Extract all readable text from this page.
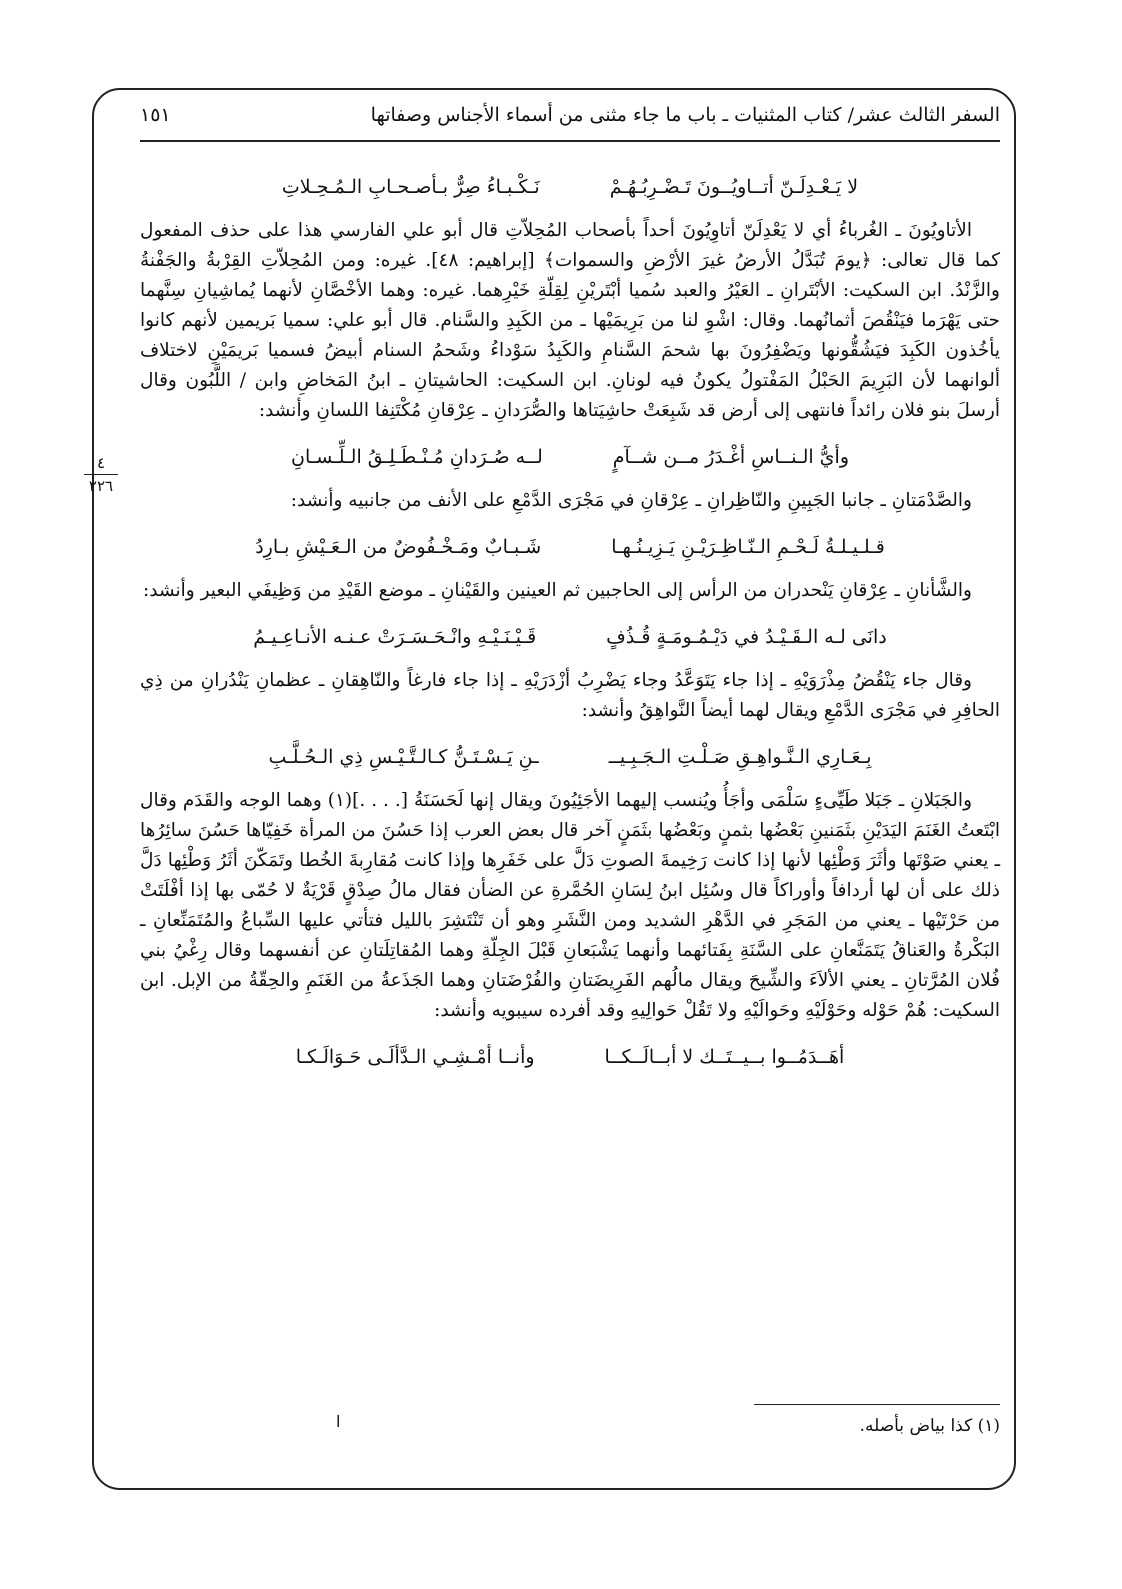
السفر الثالث عشر/ كتاب المثنيات ـ باب ما جاء مثنى من أسماء الأجناس وصفاتها
١٥١
لا يَـعْـدِلَـنّ أتــاويُــونَ تَـضْـرِبُـهُـمْ
نَـكْـبـاءُ صِرٌّ بـأصـحـابِ الـمُـحِـلاتِ

الأتاويُونَ ـ الغُرباءُ أي لا يَعْدِلَنّ أتاوِيُونَ أحداً بأصحاب المُحِلاّتِ قال أبو علي الفارسي هذا على حذف المفعول كما قال تعالى: ﴿يومَ تُبَدَّلُ الأرضُ غيرَ الأرْضِ والسموات﴾ [إبراهيم: ٤٨]. غيره: ومن المُحِلاّتِ القِرْبةُ والجَفْنةُ والزَّنْدُ. ابن السكيت: الأبْتَرانِ ـ العَيْرُ والعبد سُميا أبْتَريْنِ لِقِلّةِ خَيْرِهما. غيره: وهما الأخْصَّانِ لأنهما يُماشِيانِ سِنَّهما حتى يَهْرَما فيَنْقُصَ أثمانُهما. وقال: اشْوِ لنا من بَرِيمَيْها ـ من الكَبِدِ والسَّنام. قال أبو علي: سميا بَريمين لأنهم كانوا يأخُذون الكَبِدَ فيَشُقُّونها ويَضْفِرُونَ بها شحمَ السَّنامِ والكَبِدُ سَوْداءُ وشَحمُ السنام أبيضُ فسميا بَريمَيْنِ لاختلاف ألوانهما لأن البَرِيمَ الحَبْلُ المَفْتولُ يكونُ فيه لونانِ. ابن السكيت: الحاشيتانِ ـ ابنُ المَخاضِ وابن / اللَّبُون وقال أرسلَ بنو فلان رائداً فانتهى إلى أرض قد شَبِعَتْ حاشِيَتاها والصُّرَدانِ ـ عِرْقانِ مُكْتَنِفا اللسانِ وأنشد:

وأيُّ الـنــاسِ أغْـدَرُ مــن شــآمٍ
لــه صُـرَدانِ مُـنْـطَـلِـقُ الـلِّـسـانِ

والصَّدْمَتانِ ـ جانبا الجَبِينِ والنّاظِرانِ ـ عِرْقانِ في مَجْرَى الدَّمْعِ على الأنف من جانبيه وأنشد:

قـلـيـلـةُ لَـحْـمِ الـنّـاظِـرَيْـنِ يَـزِيـنُـهـا
شَـبـابٌ ومَـخْـفُوضٌ من الـعَـيْشِ بـارِدُ

والشَّأنانِ ـ عِرْقانِ يَنْحدران من الرأس إلى الحاجبين ثم العينين والقَيْنانِ ـ موضع القَيْدِ من وَظِيفَي البعير وأنشد:

دانَى لـه الـقَـيْـدُ في دَيْـمُـومَـةٍ قُـذُفٍ
قَـيْـنَـيْـهِ وانْـحَـسَـرَتْ عـنـه الأنـاعِـيـمُ

وقال جاء يَنْقُضُ مِذْرَوَيْهِ ـ إذا جاء يَتَوَعَّدُ وجاء يَضْرِبُ أزْدَرَيْهِ ـ إذا جاء فارغاً والنّاهِقانِ ـ عظمانِ يَنْدُرانِ من ذِي الحافِرِ في مَجْرَى الدَّمْعِ ويقال لهما أيضاً النَّواهِقُ وأنشد:

بِـعَـارِي الـنَّـواهِـقِ صَـلْـتِ الـجَـبِـيــ
ـنِ يَـسْـتَـنُّ كـالـتَّـيْـسِ ذِي الـحُـلَّـبِ

والجَبَلانِ ـ جَبَلا طَيِّىءٍ سَلْمَى وأجَأُ ويُنسب إليهما الأجَئِيُونَ ويقال إنها لَحَسَنَةُ [. . . .](١) وهما الوجه والقَدَم وقال ابْتَعتُ الغَنَمَ اليَدَيْنِ بثَمَنينِ بَعْضُها بثمنٍ وبَعْضُها بثَمَنٍ آخر قال بعض العرب إذا حَسُنَ من المرأة خَفِيّاها حَسُنَ سائِرُها ـ يعني صَوْتَها وأثَرَ وَطْئِها لأنها إذا كانت رَخِيمةَ الصوتِ دَلَّ على خَفَرِها وإذا كانت مُقارِبةَ الخُطا وتَمَكّنَ أثَرُ وَطْئِها دَلَّ ذلك على أن لها أردافاً وأوراكاً قال وسُئِل ابنُ لِسَانِ الحُمَّرةِ عن الضأن فقال مالُ صِدْقٍ قَرْيَةٌ لا حُمّى بها إذا أفْلَتَتْ من حَرْتَيْها ـ يعني من المَجَرِ في الدَّهْرِ الشديد ومن النَّشَرِ وهو أن تَنْتَشِرَ بالليل فتأتي عليها السِّباعُ والمُتَمَنِّعانِ ـ البَكْرةُ والعَناقُ يَتَمَنَّعانِ على السَّنَةِ بِفَتائهما وأنهما يَشْبَعانِ قَبْلَ الجِلّةِ وهما المُقاتِلَتانِ عن أنفسهما وقال رِغْيُ بني فُلان المُرَّتانِ ـ يعني الألاَءَ والشِّيحَ ويقال مالُهم الفَرِيضَتانِ والفُرْضَتانِ وهما الجَذَعةُ من الغَنَمِ والحِقّةُ من الإبل. ابن السكيت: هُمْ حَوْله وحَوْلَيْهِ وحَوالَيْهِ ولا تَقُلْ حَوالِيهِ وقد أفرده سيبويه وأنشد:

أهَــدَمُــوا بــيــتَــك لا أبــالَــكــا
وأنــا أمْـشِـي الـدَّألَـى حَـوَالَـكـا
٤
٢٢٦
ا	(١) كذا بياض بأصله.
